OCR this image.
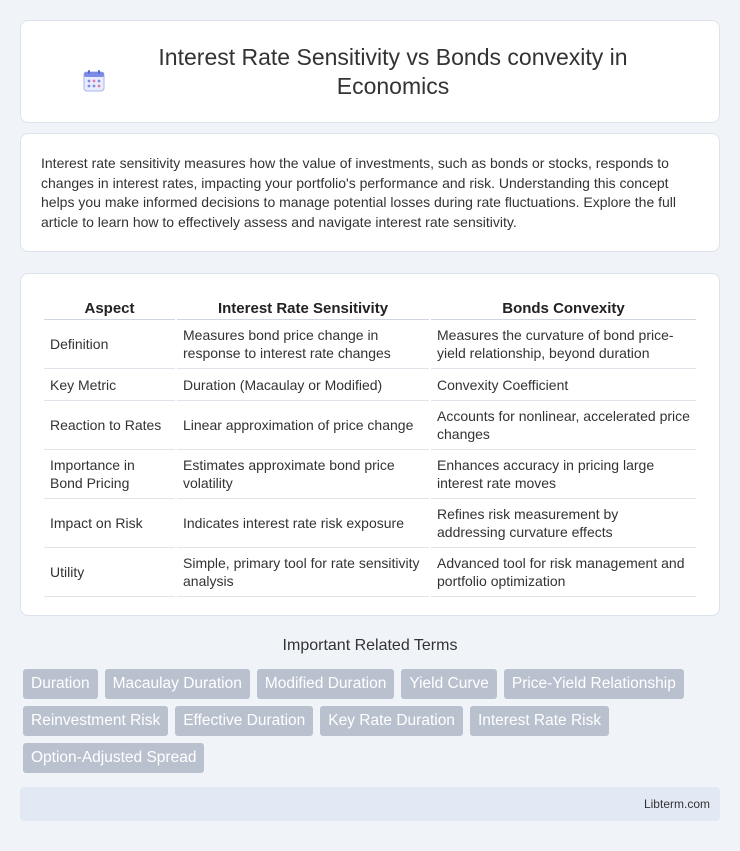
Interest Rate Sensitivity vs Bonds convexity in Economics

Interest rate sensitivity measures how the value of investments, such as bonds or stocks, responds to changes in interest rates, impacting your portfolio's performance and risk. Understanding this concept helps you make informed decisions to manage potential losses during rate fluctuations. Explore the full article to learn how to effectively assess and navigate interest rate sensitivity.

Aspect	Interest Rate Sensitivity	Bonds Convexity
Definition	Measures bond price change in response to interest rate changes	Measures the curvature of bond price-yield relationship, beyond duration
Key Metric	Duration (Macaulay or Modified)	Convexity Coefficient
Reaction to Rates	Linear approximation of price change	Accounts for nonlinear, accelerated price changes
Importance in Bond Pricing	Estimates approximate bond price volatility	Enhances accuracy in pricing large interest rate moves
Impact on Risk	Indicates interest rate risk exposure	Refines risk measurement by addressing curvature effects
Utility	Simple, primary tool for rate sensitivity analysis	Advanced tool for risk management and portfolio optimization
Important Related Terms
Duration	Macaulay Duration	Modified Duration	Yield Curve	Price-Yield Relationship
Reinvestment Risk	Effective Duration	Key Rate Duration	Interest Rate Risk
Option-Adjusted Spread
Libterm.com
